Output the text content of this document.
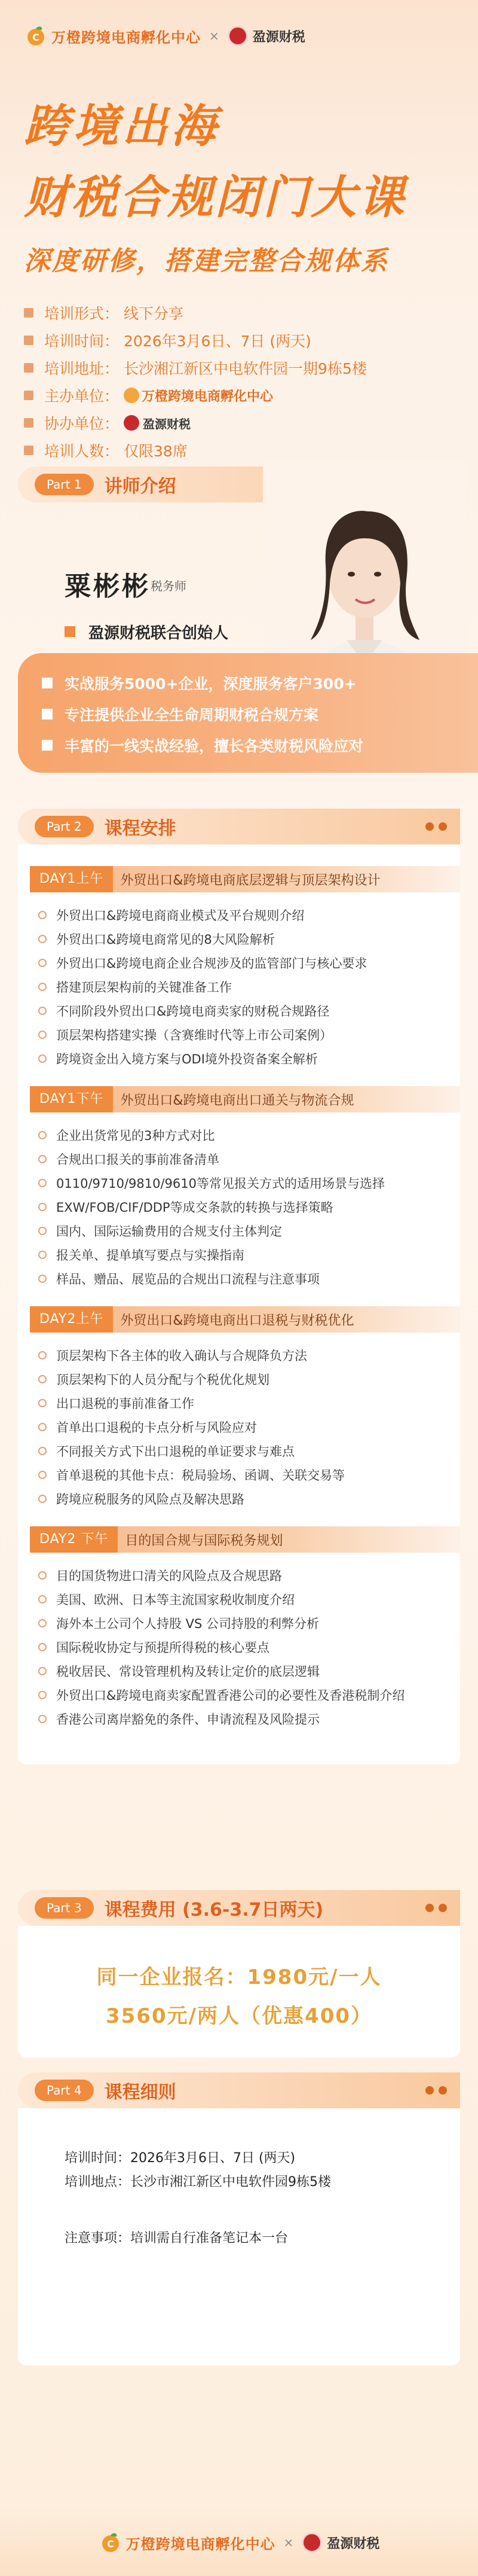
C 万橙跨境电商孵化中心 ×	盈源财税
跨境出海
财税合规闭门大课
深度研修，搭建完整合规体系
培训形式 ： 线下分享
培训时间 ： 2026年3月6日、7日 (两天)
培训地址 ： 长沙湘江新区中电软件园一期9栋5楼
主办单位 ： 万橙跨境电商孵化中心
协办单位 ： 盈源财税
培训人数 ： 仅限38席
Part 1	讲师介绍
粟彬彬 税务师
盈源财税联合创始人
实战服务5000+企业，深度服务客户300+
专注提供企业全生命周期财税合规方案
丰富的一线实战经验，擅长各类财税风险应对
Part 2	课程安排
DAY1上午	外贸出口&跨境电商底层逻辑与顶层架构设计
外贸出口&跨境电商商业模式及平台规则介绍
外贸出口&跨境电商常见的8大风险解析
外贸出口&跨境电商企业合规涉及的监管部门与核心要求
搭建顶层架构前的关键准备工作
不同阶段外贸出口&跨境电商卖家的财税合规路径
顶层架构搭建实操（含赛维时代等上市公司案例）
跨境资金出入境方案与ODI境外投资备案全解析
DAY1下午	外贸出口&跨境电商出口通关与物流合规
企业出货常见的3种方式对比
合规出口报关的事前准备清单
0110/9710/9810/9610等常见报关方式的适用场景与选择
EXW/FOB/CIF/DDP等成交条款的转换与选择策略
国内、国际运输费用的合规支付主体判定
报关单、提单填写要点与实操指南
样品、赠品、展览品的合规出口流程与注意事项
DAY2上午	外贸出口&跨境电商出口退税与财税优化
顶层架构下各主体的收入确认与合规降负方法
顶层架构下的人员分配与个税优化规划
出口退税的事前准备工作
首单出口退税的卡点分析与风险应对
不同报关方式下出口退税的单证要求与难点
首单退税的其他卡点：税局验场、函调、关联交易等
跨境应税服务的风险点及解决思路
DAY2 下午	目的国合规与国际税务规划
目的国货物进口清关的风险点及合规思路
美国、欧洲、日本等主流国家税收制度介绍
海外本土公司个人持股 VS 公司持股的利弊分析
国际税收协定与预提所得税的核心要点
税收居民、常设管理机构及转让定价的底层逻辑
外贸出口&跨境电商卖家配置香港公司的必要性及香港税制介绍
香港公司离岸豁免的条件、申请流程及风险提示
Part 3	课程费用 (3.6-3.7日两天)
同一企业报名：1980元/一人
3560元/两人（优惠400）
Part 4	课程细则
培训时间：2026年3月6日、7日 (两天)
培训地点：长沙市湘江新区中电软件园9栋5楼
注意事项：培训需自行准备笔记本一台
C 万橙跨境电商孵化中心 ×	盈源财税
